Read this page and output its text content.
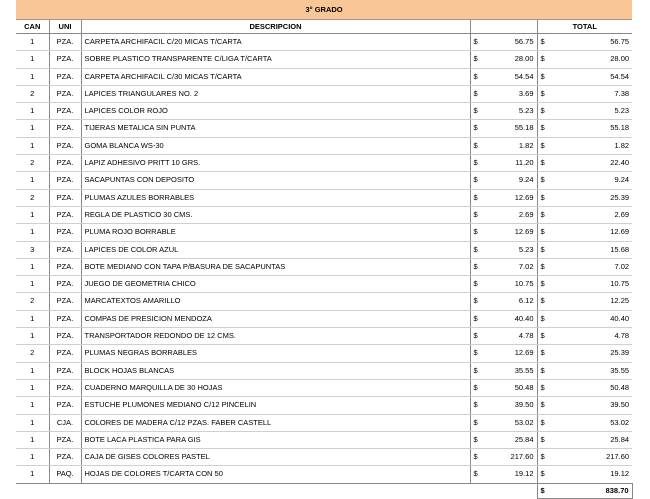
3° GRADO				
CAN	UNI	DESCRIPCION		TOTAL
1	PZA.	CARPETA ARCHIFACIL C/20 MICAS T/CARTA	$ 56.75	$ 56.75

1	PZA.	SOBRE PLASTICO TRANSPARENTE C/LIGA T/CARTA	$ 28.00	$ 28.00

1	PZA.	CARPETA ARCHIFACIL C/30 MICAS T/CARTA	$ 54.54	$ 54.54

2	PZA.	LAPICES TRIANGULARES NO. 2	$ 3.69	$ 7.38

1	PZA.	LAPICES COLOR ROJO	$ 5.23	$ 5.23

1	PZA.	TIJERAS METALICA SIN PUNTA	$ 55.18	$ 55.18

1	PZA.	GOMA BLANCA WS-30	$ 1.82	$ 1.82

2	PZA.	LAPIZ ADHESIVO PRITT 10 GRS.	$ 11.20	$ 22.40

1	PZA.	SACAPUNTAS CON DEPOSITO	$ 9.24	$ 9.24

2	PZA.	PLUMAS AZULES BORRABLES	$ 12.69	$ 25.39

1	PZA.	REGLA DE PLASTICO 30 CMS.	$ 2.69	$ 2.69

1	PZA.	PLUMA ROJO BORRABLE	$ 12.69	$ 12.69

3	PZA.	LAPICES DE COLOR AZUL	$ 5.23	$ 15.68

1	PZA.	BOTE MEDIANO CON TAPA P/BASURA DE SACAPUNTAS	$ 7.02	$ 7.02

1	PZA.	JUEGO DE GEOMETRIA CHICO	$ 10.75	$ 10.75

2	PZA.	MARCATEXTOS AMARILLO	$ 6.12	$ 12.25

1	PZA.	COMPAS DE PRESICION MENDOZA	$ 40.40	$ 40.40

1	PZA.	TRANSPORTADOR REDONDO DE 12 CMS.	$ 4.78	$ 4.78

2	PZA.	PLUMAS NEGRAS BORRABLES	$ 12.69	$ 25.39

1	PZA.	BLOCK HOJAS BLANCAS	$ 35.55	$ 35.55

1	PZA.	CUADERNO MARQUILLA DE 30 HOJAS	$ 50.48	$ 50.48

1	PZA.	ESTUCHE PLUMONES MEDIANO C/12 PINCELIN	$ 39.50	$ 39.50

1	CJA.	COLORES DE MADERA C/12 PZAS. FABER CASTELL	$ 53.02	$ 53.02

1	PZA.	BOTE LACA PLASTICA PARA GIS	$ 25.84	$ 25.84

1	PZA.	CAJA DE GISES COLORES PASTEL	$ 217.60	$ 217.60

1	PAQ.	HOJAS DE COLORES T/CARTA CON 50	$ 19.12	$ 19.12

				$ 838.70
